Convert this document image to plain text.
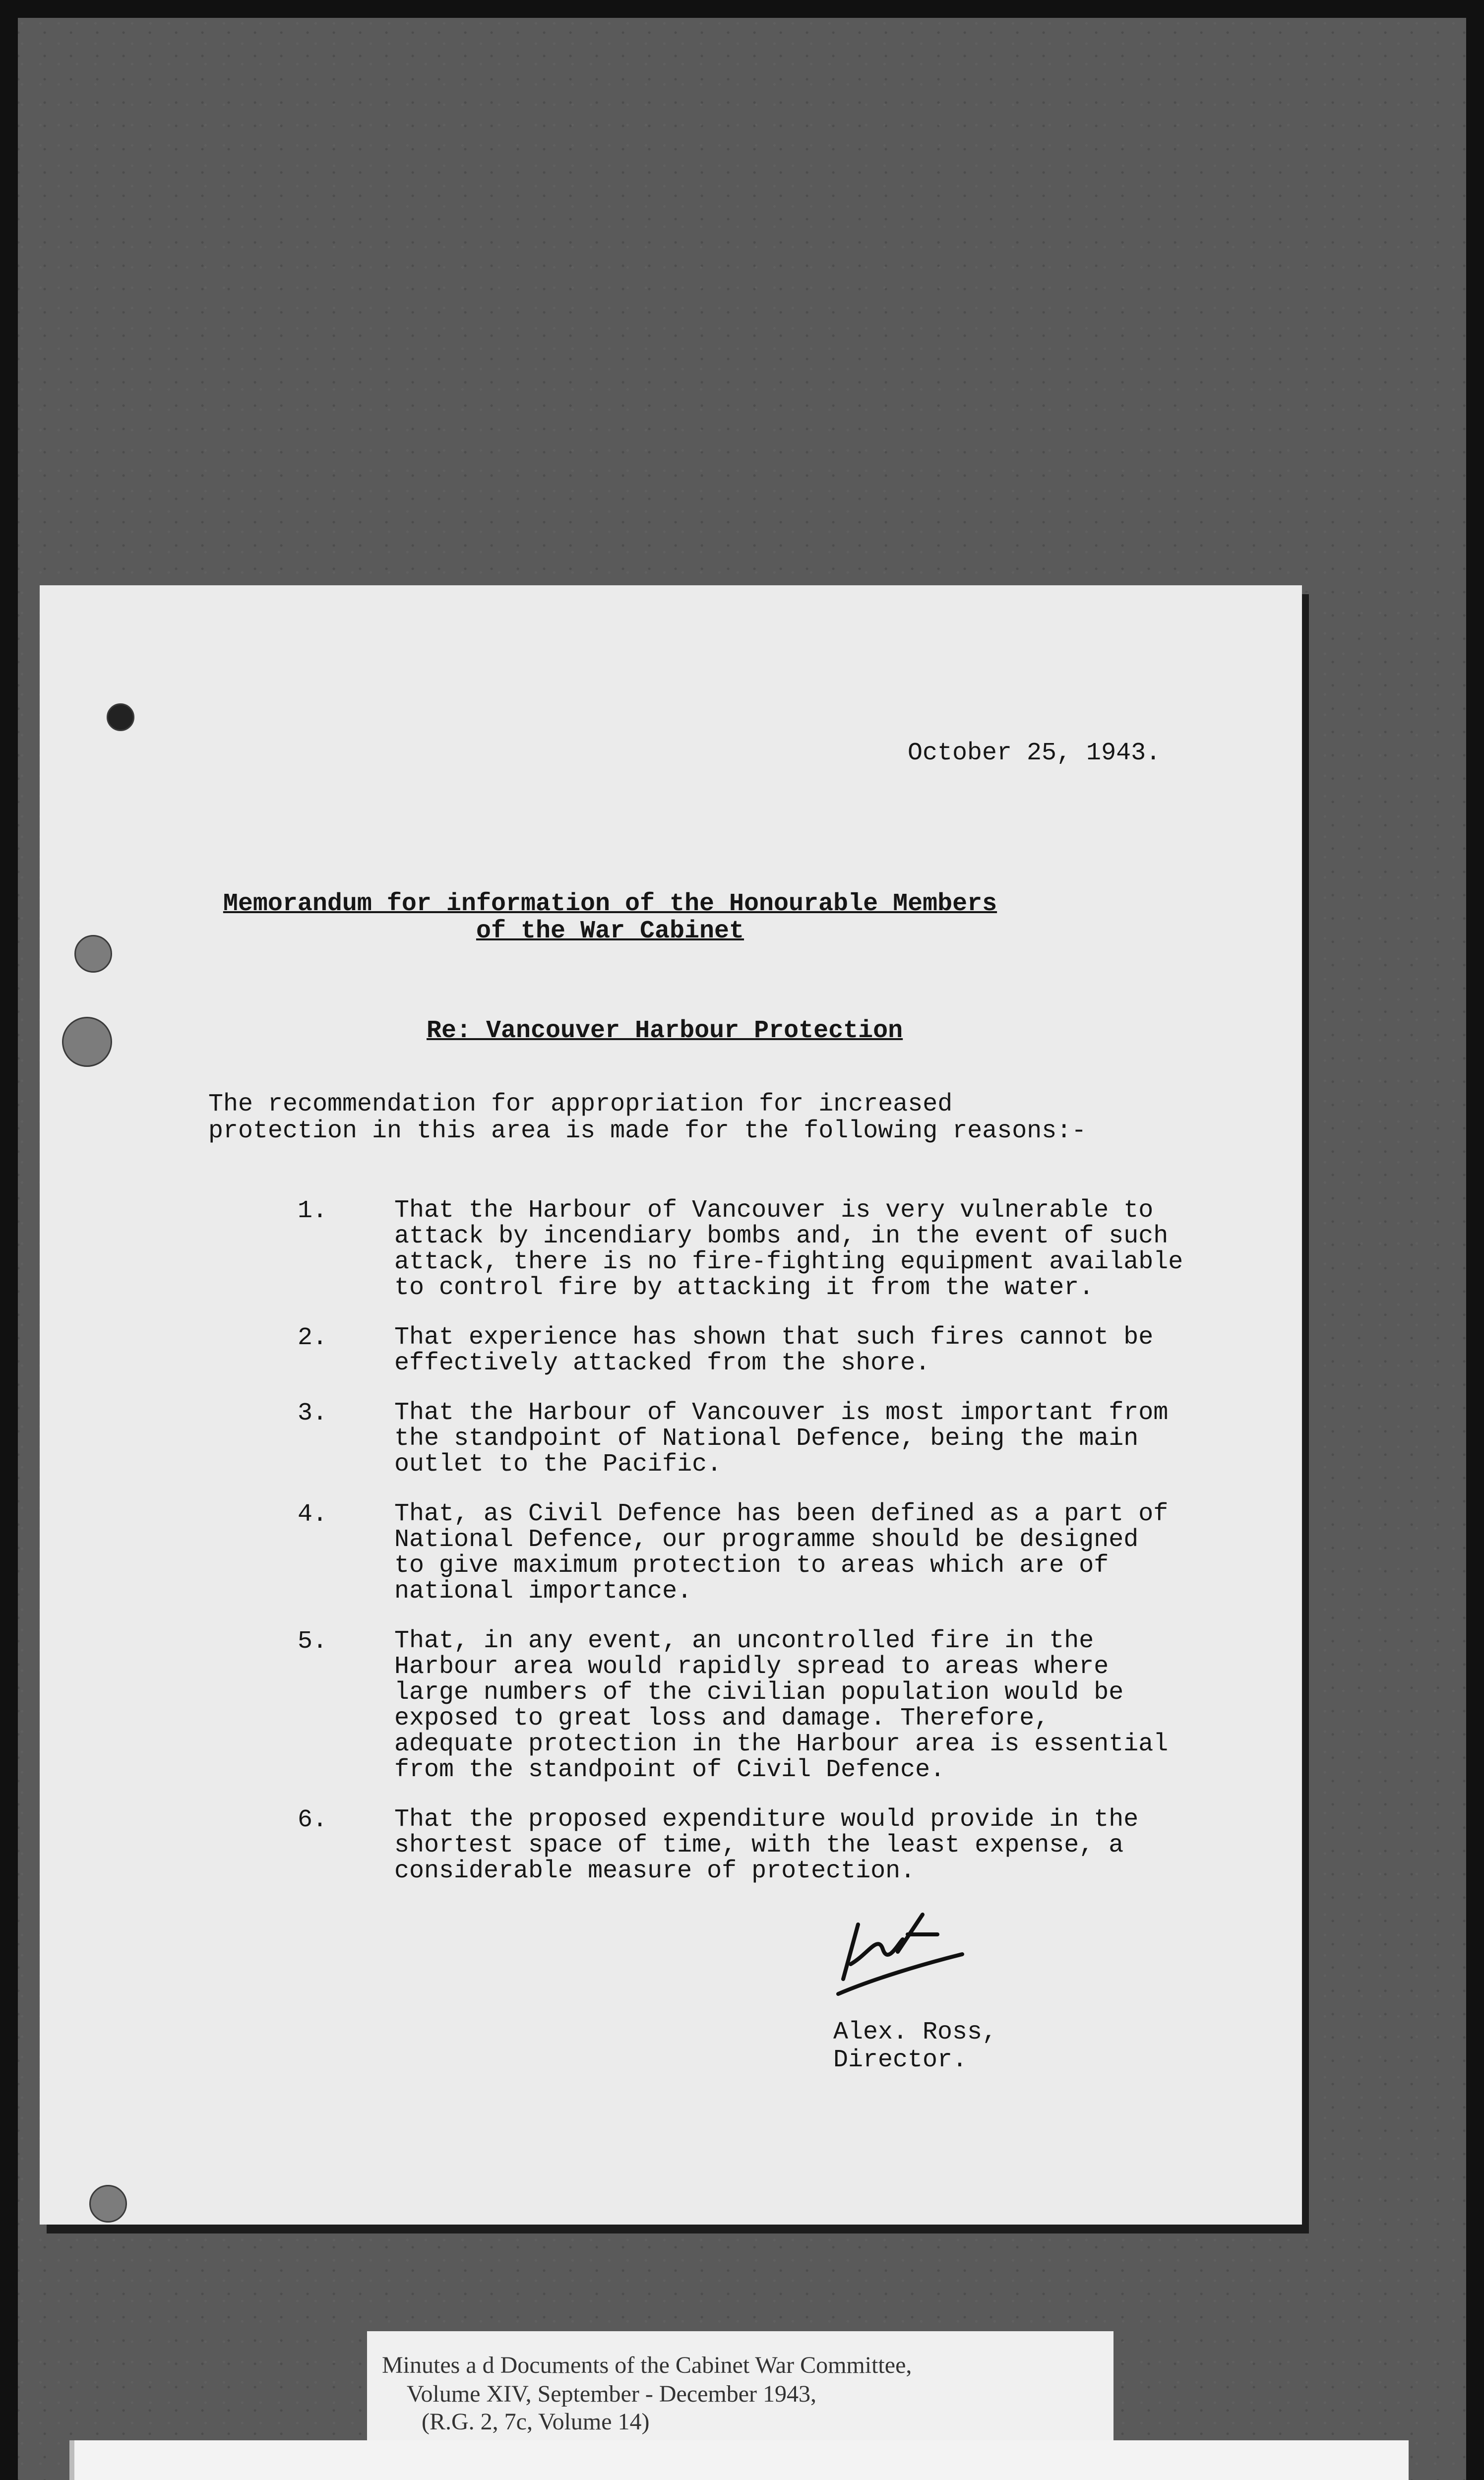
October 25, 1943.
Memorandum for information of the Honourable Members
of the War Cabinet
Re: Vancouver Harbour Protection
The recommendation for appropriation for increased
protection in this area is made for the following reasons:-
1.	That the Harbour of Vancouver is very vulnerable to
attack by incendiary bombs and, in the event of such
attack, there is no fire-fighting equipment available
to control fire by attacking it from the water.
2.	That experience has shown that such fires cannot be
effectively attacked from the shore.
3.	That the Harbour of Vancouver is most important from
the standpoint of National Defence, being the main
outlet to the Pacific.
4.	That, as Civil Defence has been defined as a part of
National Defence, our programme should be designed
to give maximum protection to areas which are of
national importance.
5.	That, in any event, an uncontrolled fire in the
Harbour area would rapidly spread to areas where
large numbers of the civilian population would be
exposed to great loss and damage. Therefore,
adequate protection in the Harbour area is essential
from the standpoint of Civil Defence.
6.	That the proposed expenditure would provide in the
shortest space of time, with the least expense, a
considerable measure of protection.
Alex. Ross,
Director.
Minutes a d Documents of the Cabinet War Committee,
Volume XIV, September - December 1943,
(R.G. 2, 7c, Volume 14)
